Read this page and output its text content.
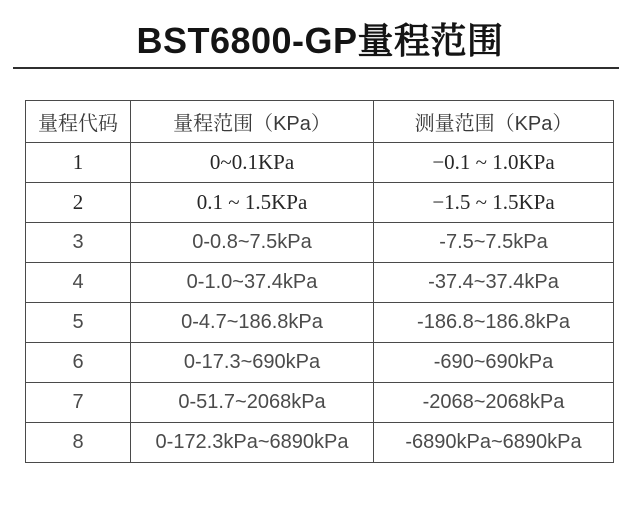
BST6800-GP量程范围
量程代码	量程范围（KPa）	测量范围（KPa）
1	0~0.1KPa	−0.1 ~ 1.0KPa
2	0.1 ~ 1.5KPa	−1.5 ~ 1.5KPa
3	0-0.8~7.5kPa	-7.5~7.5kPa
4	0-1.0~37.4kPa	-37.4~37.4kPa
5	0-4.7~186.8kPa	-186.8~186.8kPa
6	0-17.3~690kPa	-690~690kPa
7	0-51.7~2068kPa	-2068~2068kPa
8	0-172.3kPa~6890kPa	-6890kPa~6890kPa
